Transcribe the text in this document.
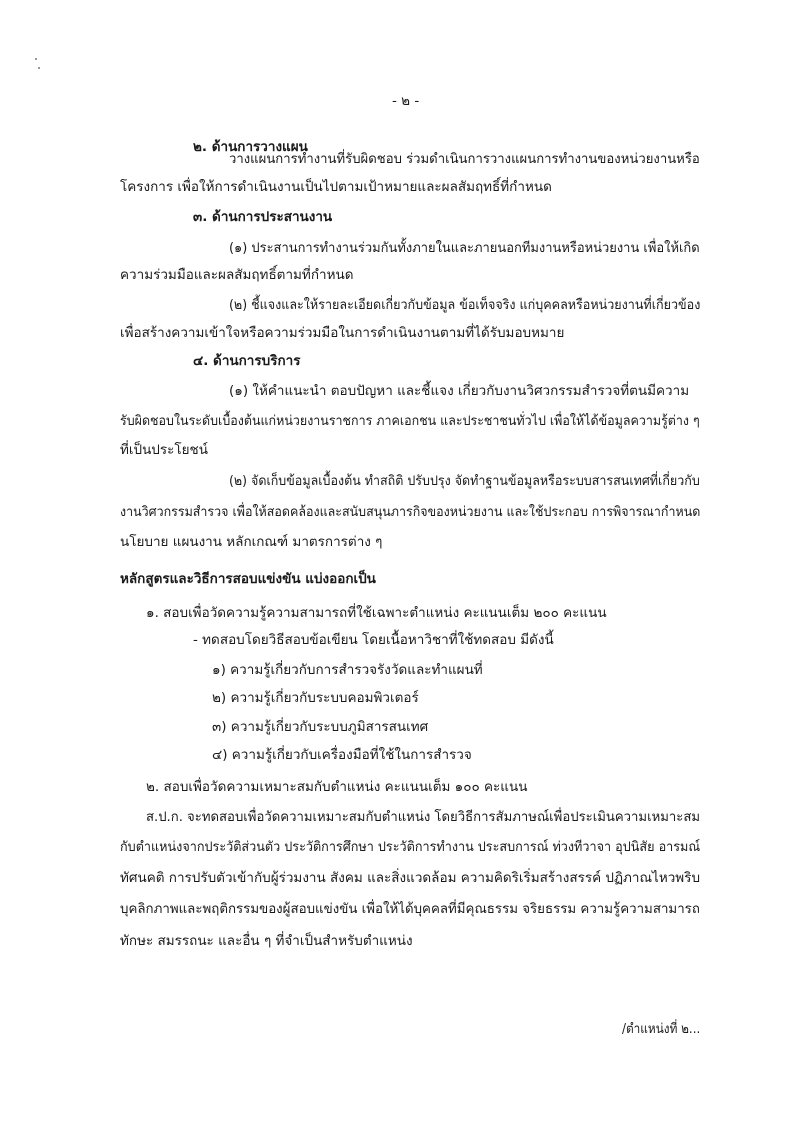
- ๒ -
๒. ด้านการวางแผน
วางแผนการทำงานที่รับผิดชอบ ร่วมดำเนินการวางแผนการทำงานของหน่วยงานหรือ
โครงการ เพื่อให้การดำเนินงานเป็นไปตามเป้าหมายและผลสัมฤทธิ์ที่กำหนด
๓. ด้านการประสานงาน
(๑) ประสานการทำงานร่วมกันทั้งภายในและภายนอกทีมงานหรือหน่วยงาน เพื่อให้เกิด
ความร่วมมือและผลสัมฤทธิ์ตามที่กำหนด
(๒) ชี้แจงและให้รายละเอียดเกี่ยวกับข้อมูล ข้อเท็จจริง แก่บุคคลหรือหน่วยงานที่เกี่ยวข้อง
เพื่อสร้างความเข้าใจหรือความร่วมมือในการดำเนินงานตามที่ได้รับมอบหมาย
๔. ด้านการบริการ
(๑) ให้คำแนะนำ ตอบปัญหา และชี้แจง เกี่ยวกับงานวิศวกรรมสำรวจที่ตนมีความ
รับผิดชอบในระดับเบื้องต้นแก่หน่วยงานราชการ ภาคเอกชน และประชาชนทั่วไป เพื่อให้ได้ข้อมูลความรู้ต่าง ๆ
ที่เป็นประโยชน์
(๒) จัดเก็บข้อมูลเบื้องต้น ทำสถิติ ปรับปรุง จัดทำฐานข้อมูลหรือระบบสารสนเทศที่เกี่ยวกับ
งานวิศวกรรมสำรวจ เพื่อให้สอดคล้องและสนับสนุนภารกิจของหน่วยงาน และใช้ประกอบ การพิจารณากำหนด
นโยบาย แผนงาน หลักเกณฑ์ มาตรการต่าง ๆ
หลักสูตรและวิธีการสอบแข่งขัน แบ่งออกเป็น
๑. สอบเพื่อวัดความรู้ความสามารถที่ใช้เฉพาะตำแหน่ง คะแนนเต็ม ๒๐๐ คะแนน
- ทดสอบโดยวิธีสอบข้อเขียน โดยเนื้อหาวิชาที่ใช้ทดสอบ มีดังนี้
๑) ความรู้เกี่ยวกับการสำรวจรังวัดและทำแผนที่
๒) ความรู้เกี่ยวกับระบบคอมพิวเตอร์
๓) ความรู้เกี่ยวกับระบบภูมิสารสนเทศ
๔) ความรู้เกี่ยวกับเครื่องมือที่ใช้ในการสำรวจ
๒. สอบเพื่อวัดความเหมาะสมกับตำแหน่ง คะแนนเต็ม ๑๐๐ คะแนน
ส.ป.ก. จะทดสอบเพื่อวัดความเหมาะสมกับตำแหน่ง โดยวิธีการสัมภาษณ์เพื่อประเมินความเหมาะสม
กับตำแหน่งจากประวัติส่วนตัว ประวัติการศึกษา ประวัติการทำงาน ประสบการณ์ ท่วงทีวาจา อุปนิสัย อารมณ์
ทัศนคติ การปรับตัวเข้ากับผู้ร่วมงาน สังคม และสิ่งแวดล้อม ความคิดริเริ่มสร้างสรรค์ ปฏิภาณไหวพริบ
บุคลิกภาพและพฤติกรรมของผู้สอบแข่งขัน เพื่อให้ได้บุคคลที่มีคุณธรรม จริยธรรม ความรู้ความสามารถ
ทักษะ สมรรถนะ และอื่น ๆ ที่จำเป็นสำหรับตำแหน่ง
/ตำแหน่งที่ ๒...
